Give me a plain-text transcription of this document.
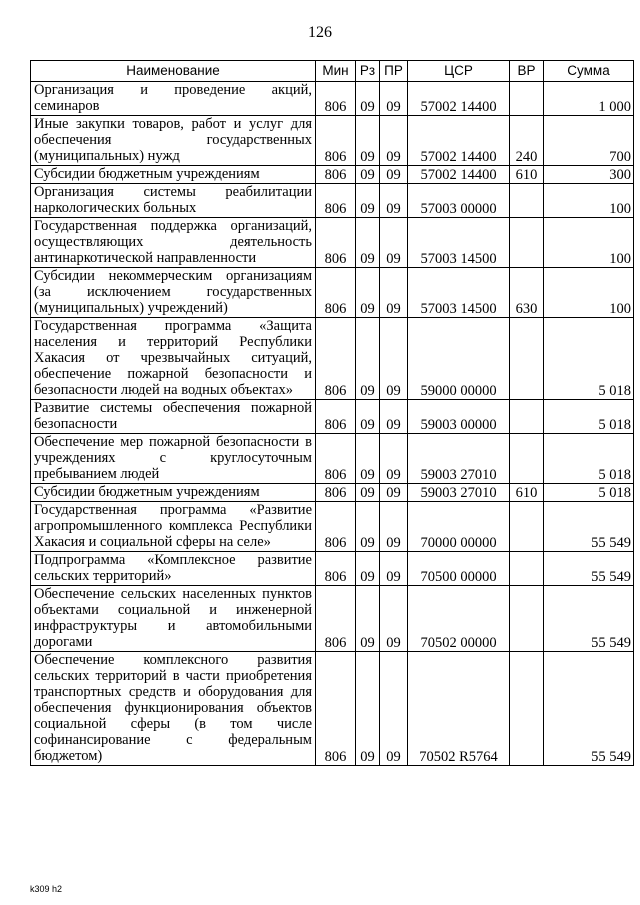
126
Наименование	Мин	Рз	ПР	ЦСР	ВР	Сумма
Организация и проведение акций, семинаров	806	09	09	57002 14400		1 000
Иные закупки товаров, работ и услуг для обеспечения государственных (муниципальных) нужд	806	09	09	57002 14400	240	700
Субсидии бюджетным учреждениям	806	09	09	57002 14400	610	300
Организация системы реабилитации наркологических больных	806	09	09	57003 00000		100
Государственная поддержка организаций, осуществляющих деятельность антинаркотической направленности	806	09	09	57003 14500		100
Субсидии некоммерческим организациям (за исключением государственных (муниципальных) учреждений)	806	09	09	57003 14500	630	100
Государственная программа «Защита населения и территорий Республики Хакасия от чрезвычайных ситуаций, обеспечение пожарной безопасности и безопасности людей на водных объектах»	806	09	09	59000 00000		5 018
Развитие системы обеспечения пожарной безопасности	806	09	09	59003 00000		5 018
Обеспечение мер пожарной безопасности в учреждениях с круглосуточным пребыванием людей	806	09	09	59003 27010		5 018
Субсидии бюджетным учреждениям	806	09	09	59003 27010	610	5 018
Государственная программа «Развитие агропромышленного комплекса Республики Хакасия и социальной сферы на селе»	806	09	09	70000 00000		55 549
Подпрограмма «Комплексное развитие сельских территорий»	806	09	09	70500 00000		55 549
Обеспечение сельских населенных пунктов объектами социальной и инженерной инфраструктуры и автомобильными дорогами	806	09	09	70502 00000		55 549
Обеспечение комплексного развития сельских территорий в части приобретения транспортных средств и оборудования для обеспечения функционирования объектов социальной сферы (в том числе софинансирование с федеральным бюджетом)	806	09	09	70502 R5764		55 549
k309 h2
